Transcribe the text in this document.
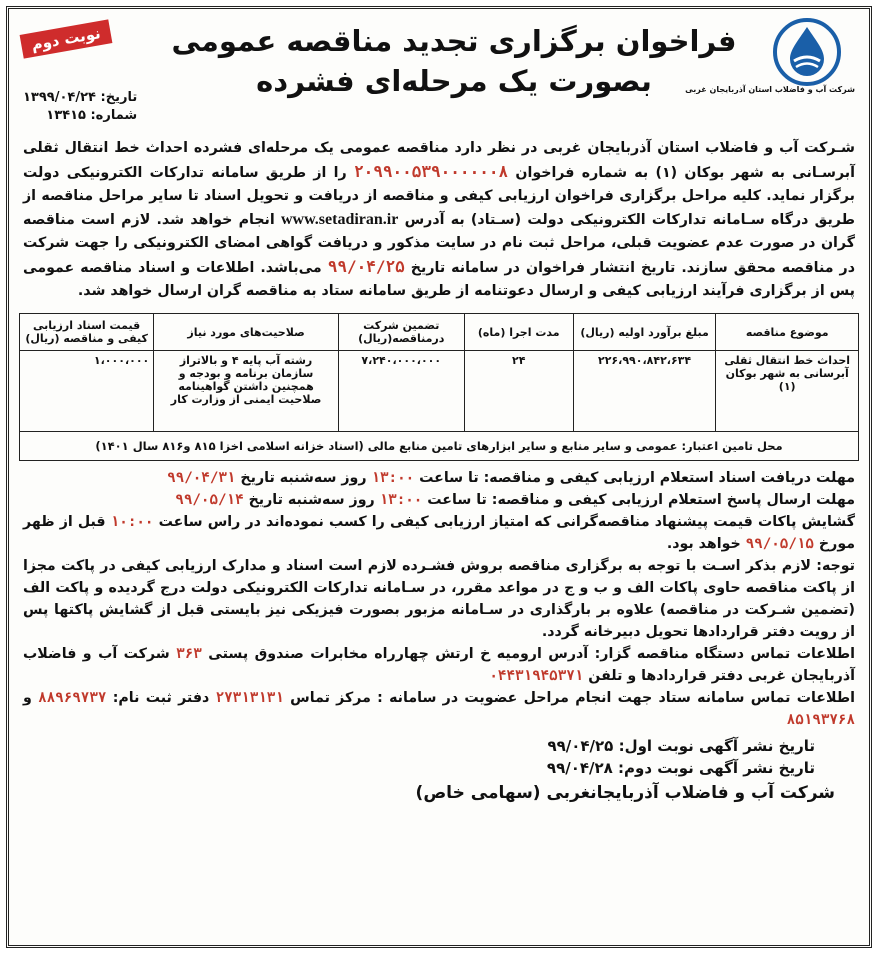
شرکت آب و فاضلاب استان آذربایجان غربی
فراخوان برگزاری تجدید مناقصه عمومی
بصورت یک مرحله‌ای فشرده
نوبت دوم
تاریخ: ۱۳۹۹/۰۴/۲۴
شماره: ۱۳۴۱۵
شـرکت آب و فاضلاب استان آذربایجان غربی در نظر دارد مناقصه عمومی یک مرحله‌ای فشرده احداث خط انتقال ثقلی آبرسـانی به شهر بوکان (۱) به شماره فراخوان ۲۰۹۹۰۰۵۳۹۰۰۰۰۰۰۸ را از طریق سامانه تدارکات الکترونیکی دولت برگزار نماید. کلیه مراحل برگزاری فراخوان ارزیابی کیفی و مناقصه از دریافت و تحویل اسناد تا سایر مراحل مناقصه از طریق درگاه سـامانه تدارکات الکترونیکی دولت (سـتاد) به آدرس www.setadiran.ir انجام خواهد شد. لازم است مناقصه گران در صورت عدم عضویت قبلی، مراحل ثبت نام در سایت مذکور و دریافت گواهی امضای الکترونیکی را جهت شرکت در مناقصه محقق سازند. تاریخ انتشار فراخوان در سامانه تاریخ ۹۹/۰۴/۲۵ می‌باشد. اطلاعات و اسناد مناقصه عمومی پس از برگزاری فرآیند ارزیابی کیفی و ارسال دعوتنامه از طریق سامانه ستاد به مناقصه گران ارسال خواهد شد.
موضوع مناقصه	مبلغ برآورد اولیه (ریال)	مدت اجرا (ماه)	تضمین شرکت درمناقصه(ریال)	صلاحیت‌های مورد نیاز	قیمت اسناد ارزیابی کیفی و مناقصه (ریال)
احداث خط انتقال ثقلی آبرسانی به شهر بوکان (۱)	۲۲۶،۹۹۰،۸۴۲،۶۳۴	۲۴	۷،۲۴۰،۰۰۰،۰۰۰	رشته آب پایه ۴ و بالاتراز سازمان برنامه و بودجه و همچنین داشتن گواهینامه صلاحیت ایمنی از وزارت کار	۱،۰۰۰،۰۰۰
محل تامین اعتبار: عمومی و سایر منابع و سایر ابزارهای تامین منابع مالی (اسناد خزانه اسلامی اخزا ۸۱۵ و۸۱۶ سال ۱۴۰۱)					

مهلت دریافت اسناد استعلام ارزیابی کیفی و مناقصه: تا ساعت ۱۳:۰۰ روز سه‌شنبه تاریخ ۹۹/۰۴/۳۱

مهلت ارسال پاسخ استعلام ارزیابی کیفی و مناقصه: تا ساعت ۱۳:۰۰ روز سه‌شنبه تاریخ ۹۹/۰۵/۱۴

گشایش پاکات قیمت پیشنهاد مناقصه‌گرانی که امتیاز ارزیابی کیفی را کسب نموده‌اند در راس ساعت ۱۰:۰۰ قبل از ظهر مورخ ۹۹/۰۵/۱۵ خواهد بود.

توجه: لازم بذکر اسـت با توجه به برگزاری مناقصه بروش فشـرده لازم است اسناد و مدارک ارزیابی کیفی در پاکت مجزا از پاکت مناقصه حاوی پاکات الف و ب و ج در مواعد مقرر، در سـامانه تدارکات الکترونیکی دولت درج گردیده و پاکت الف (تضمین شـرکت در مناقصه) علاوه بر بارگذاری در سـامانه مزبور بصورت فیزیکی نیز بایستی قبل از گشایش پاکتها پس از رویت دفتر قراردادها تحویل دبیرخانه گردد.

اطلاعات تماس دستگاه مناقصه گزار: آدرس ارومیه خ ارتش چهارراه مخابرات صندوق پستی ۳۶۳ شرکت آب و فاضلاب آذربایجان غربی دفتر قراردادها و تلفن ۰۴۴۳۱۹۴۵۳۷۱

اطلاعات تماس سامانه ستاد جهت انجام مراحل عضویت در سامانه : مرکز تماس ۲۷۳۱۳۱۳۱ دفتر ثبت نام: ۸۸۹۶۹۷۳۷ و ۸۵۱۹۳۷۶۸

تاریخ نشر آگهی نوبت اول: ۹۹/۰۴/۲۵
تاریخ نشر آگهی نوبت دوم: ۹۹/۰۴/۲۸
شرکت آب و فاضلاب آذربایجانغربی (سهامی خاص)
